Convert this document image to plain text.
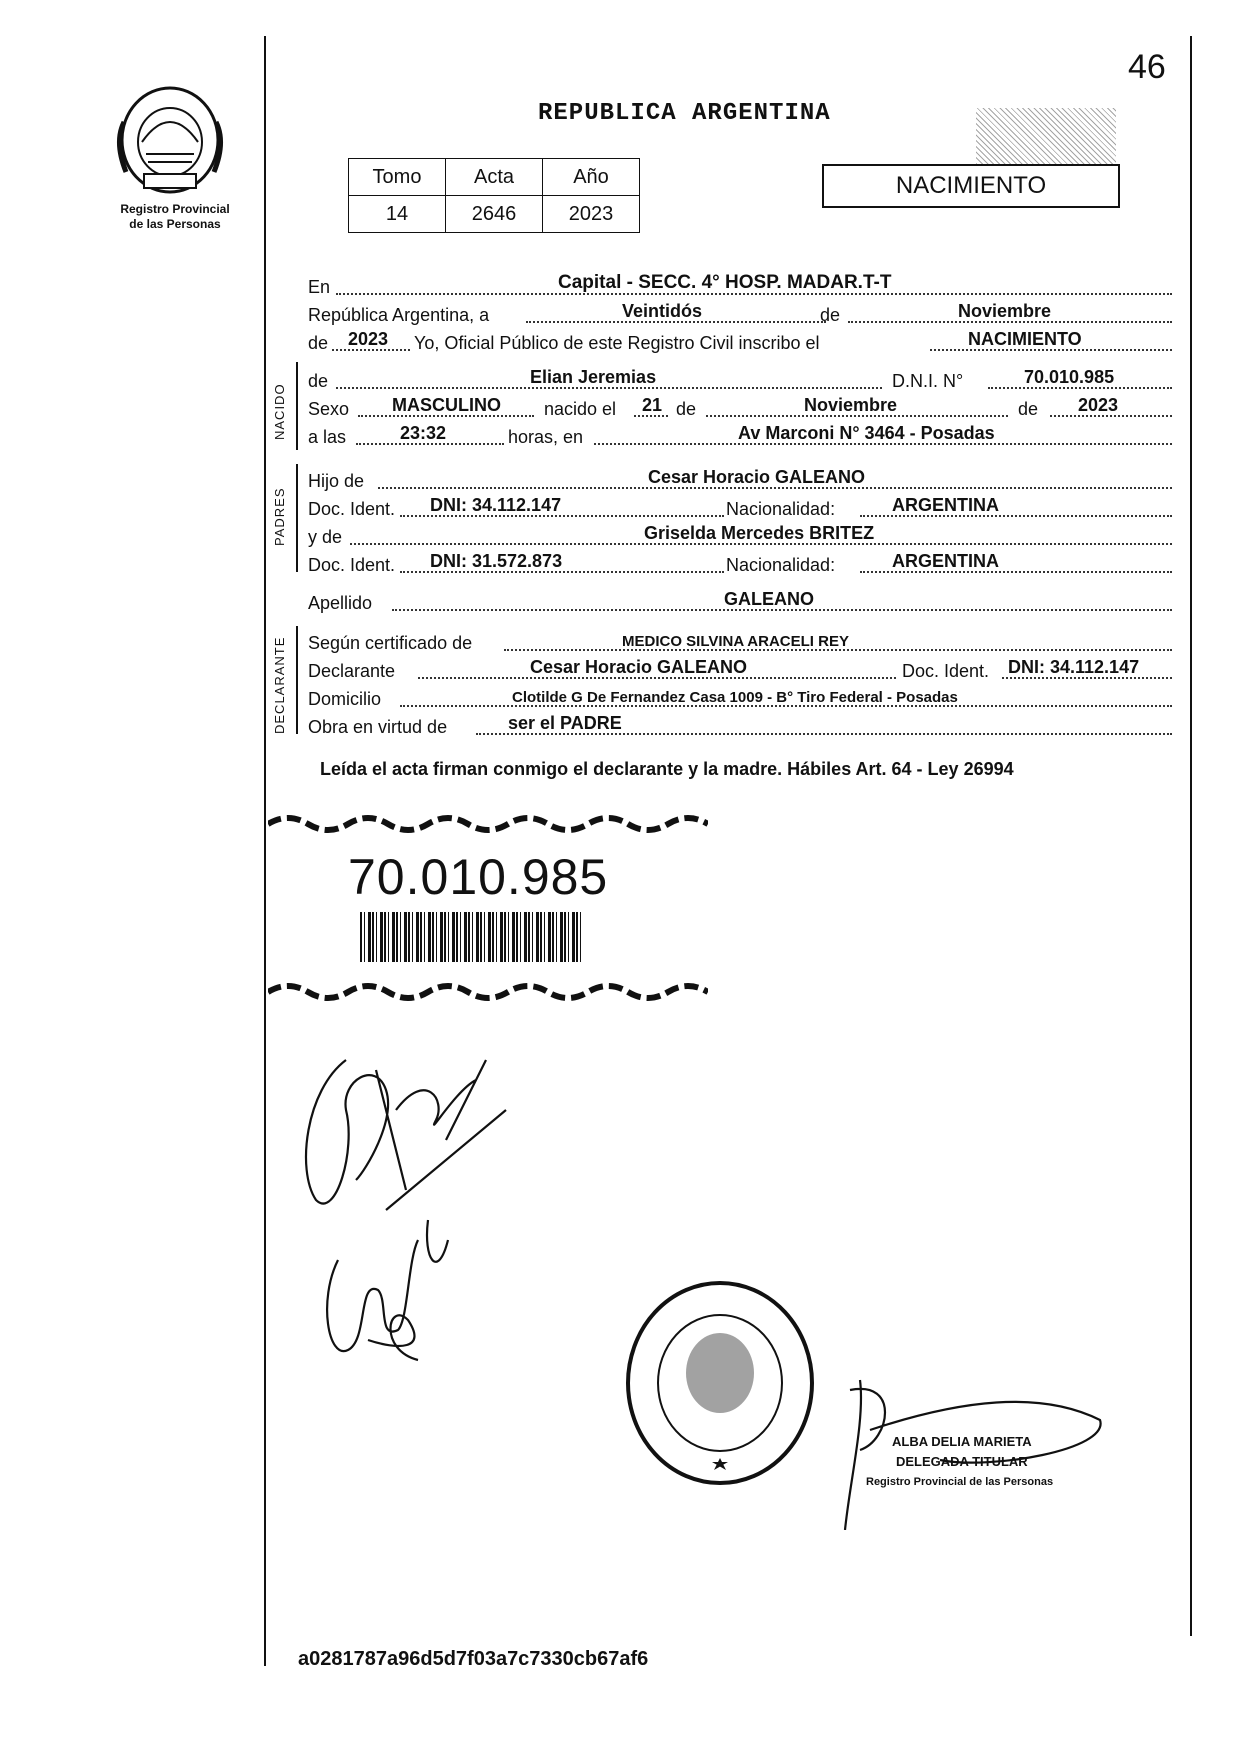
46
Registro Provincial
de las Personas
REPUBLICA ARGENTINA
NACIMIENTO
Tomo	Acta	Año
14	2646	2023
En	Capital - SECC. 4° HOSP. MADAR.T-T
República Argentina, a	Veintidós	de	Noviembre
de 2023 Yo, Oficial Público de este Registro Civil inscribo el	NACIMIENTO
NACIDO
de	Elian Jeremias	D.N.I. N°	70.010.985
Sexo MASCULINO nacido el 21 de	Noviembre	de 2023
a las	23:32	horas, en	Av Marconi N° 3464 - Posadas
PADRES
Hijo de	Cesar Horacio GALEANO
Doc. Ident. DNI: 34.112.147	Nacionalidad:	ARGENTINA
y de	Griselda Mercedes BRITEZ
Doc. Ident. DNI: 31.572.873	Nacionalidad:	ARGENTINA
Apellido	GALEANO
DECLARANTE Según certificado de	MEDICO SILVINA ARACELI REY
Declarante	Cesar Horacio GALEANO	Doc. Ident. DNI: 34.112.147
Domicilio	Clotilde G De Fernandez Casa 1009 - B° Tiro Federal - Posadas
Obra en virtud de	ser el PADRE
Leída el acta firman conmigo el declarante y la madre. Hábiles Art. 64 - Ley 26994
70.010.985
ALBA DELIA MARIETA
DELEGADA TITULAR
Registro Provincial de las Personas
a0281787a96d5d7f03a7c7330cb67af6
